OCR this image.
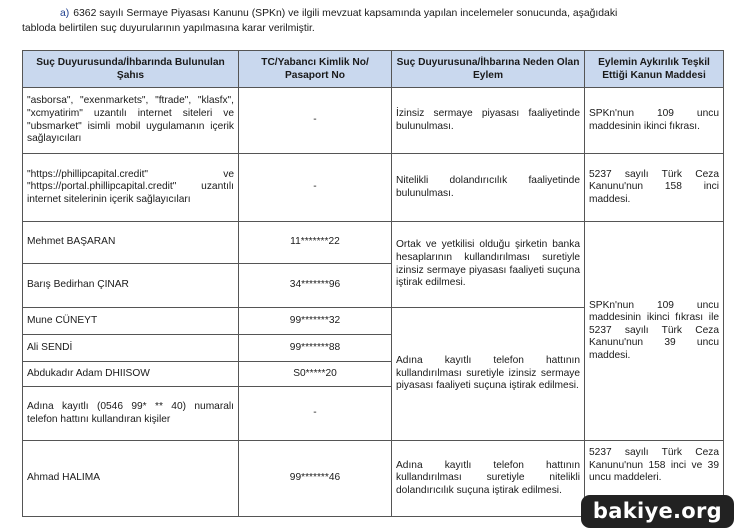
a) 6362 sayılı Sermaye Piyasası Kanunu (SPKn) ve ilgili mevzuat kapsamında yapılan incelemeler sonucunda, aşağıdaki
tabloda belirtilen suç duyurularının yapılmasına karar verilmiştir.
Suç Duyurusunda/İhbarında Bulunulan Şahıs	TC/Yabancı Kimlik No/ Pasaport No	Suç Duyurusuna/İhbarına Neden Olan Eylem	Eylemin Aykırılık Teşkil Ettiği Kanun Maddesi
"asborsa", "exenmarkets", "ftrade", "klasfx", "xcmyatirim" uzantılı internet siteleri ve "ubsmarket" isimli mobil uygulamanın içerik sağlayıcıları	-	İzinsiz sermaye piyasası faaliyetinde bulunulması.	SPKn'nun 109 uncu maddesinin ikinci fıkrası.
"https://phillipcapital.credit" ve "https://portal.phillipcapital.credit" uzantılı internet sitelerinin içerik sağlayıcıları	-	Nitelikli dolandırıcılık faaliyetinde bulunulması.	5237 sayılı Türk Ceza Kanunu'nun 158 inci maddesi.
Mehmet BAŞARAN	11*******22	Ortak ve yetkilisi olduğu şirketin banka hesaplarının kullandırılması suretiyle izinsiz sermaye piyasası faaliyeti suçuna iştirak edilmesi.	SPKn'nun 109 uncu maddesinin ikinci fıkrası ile 5237 sayılı Türk Ceza Kanunu'nun 39 uncu maddesi.
Barış Bedirhan ÇINAR	34*******96		
Mune CÜNEYT	99*******32	Adına kayıtlı telefon hattının kullandırılması suretiyle izinsiz sermaye piyasası faaliyeti suçuna iştirak edilmesi.	
Ali SENDİ	99*******88		
Abdukadır Adam DHIISOW	S0*****20		
Adına kayıtlı (0546 99* ** 40) numaralı telefon hattını kullandıran kişiler	-		
Ahmad HALIMA	99*******46	Adına kayıtlı telefon hattının kullandırılması suretiyle nitelikli dolandırıcılık suçuna iştirak edilmesi.	5237 sayılı Türk Ceza Kanunu'nun 158 inci ve 39 uncu maddeleri.
bakiye.org
